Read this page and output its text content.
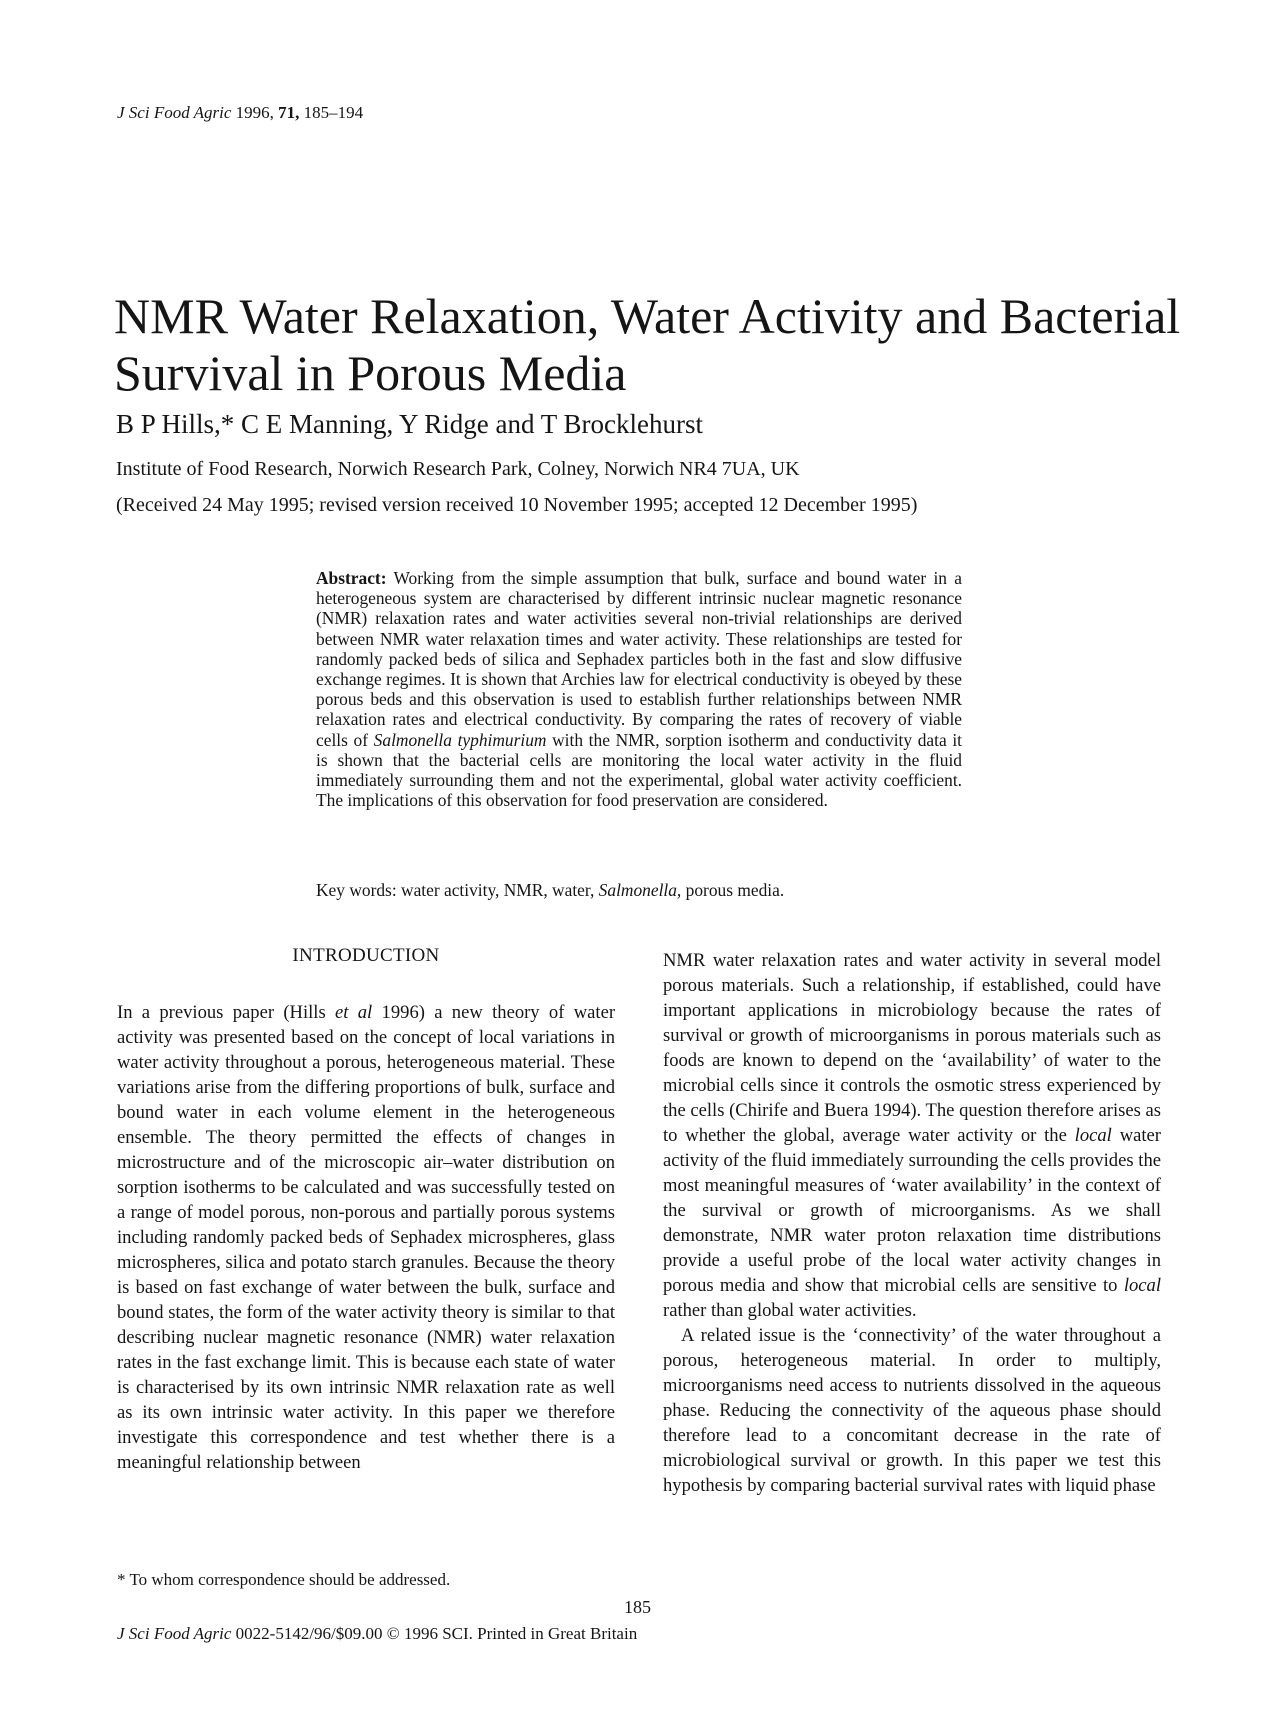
J Sci Food Agric 1996, 71, 185–194
NMR Water Relaxation, Water Activity and Bacterial Survival in Porous Media
B P Hills,* C E Manning, Y Ridge and T Brocklehurst
Institute of Food Research, Norwich Research Park, Colney, Norwich NR4 7UA, UK
(Received 24 May 1995; revised version received 10 November 1995; accepted 12 December 1995)
Abstract: Working from the simple assumption that bulk, surface and bound water in a heterogeneous system are characterised by different intrinsic nuclear magnetic resonance (NMR) relaxation rates and water activities several non-trivial relationships are derived between NMR water relaxation times and water activity. These relationships are tested for randomly packed beds of silica and Sephadex particles both in the fast and slow diffusive exchange regimes. It is shown that Archies law for electrical conductivity is obeyed by these porous beds and this observation is used to establish further relationships between NMR relaxation rates and electrical conductivity. By comparing the rates of recovery of viable cells of Salmonella typhimurium with the NMR, sorption isotherm and conductivity data it is shown that the bacterial cells are monitoring the local water activity in the fluid immediately surrounding them and not the experimental, global water activity coefficient. The implications of this observation for food preservation are considered.
Key words: water activity, NMR, water, Salmonella, porous media.
INTRODUCTION

In a previous paper (Hills et al 1996) a new theory of water activity was presented based on the concept of local variations in water activity throughout a porous, heterogeneous material. These variations arise from the differing proportions of bulk, surface and bound water in each volume element in the heterogeneous ensemble. The theory permitted the effects of changes in microstructure and of the microscopic air–water distribution on sorption isotherms to be calculated and was successfully tested on a range of model porous, non-porous and partially porous systems including randomly packed beds of Sephadex microspheres, glass microspheres, silica and potato starch granules. Because the theory is based on fast exchange of water between the bulk, surface and bound states, the form of the water activity theory is similar to that describing nuclear magnetic resonance (NMR) water relaxation rates in the fast exchange limit. This is because each state of water is characterised by its own intrinsic NMR relaxation rate as well as its own intrinsic water activity. In this paper we therefore investigate this correspondence and test whether there is a meaningful relationship between

NMR water relaxation rates and water activity in several model porous materials. Such a relationship, if established, could have important applications in microbiology because the rates of survival or growth of microorganisms in porous materials such as foods are known to depend on the ‘availability’ of water to the microbial cells since it controls the osmotic stress experienced by the cells (Chirife and Buera 1994). The question therefore arises as to whether the global, average water activity or the local water activity of the fluid immediately surrounding the cells provides the most meaningful measures of ‘water availability’ in the context of the survival or growth of microorganisms. As we shall demonstrate, NMR water proton relaxation time distributions provide a useful probe of the local water activity changes in porous media and show that microbial cells are sensitive to local rather than global water activities.

A related issue is the ‘connectivity’ of the water throughout a porous, heterogeneous material. In order to multiply, microorganisms need access to nutrients dissolved in the aqueous phase. Reducing the connectivity of the aqueous phase should therefore lead to a concomitant decrease in the rate of microbiological survival or growth. In this paper we test this hypothesis by comparing bacterial survival rates with liquid phase

* To whom correspondence should be addressed.
185
J Sci Food Agric 0022-5142/96/$09.00 © 1996 SCI. Printed in Great Britain
